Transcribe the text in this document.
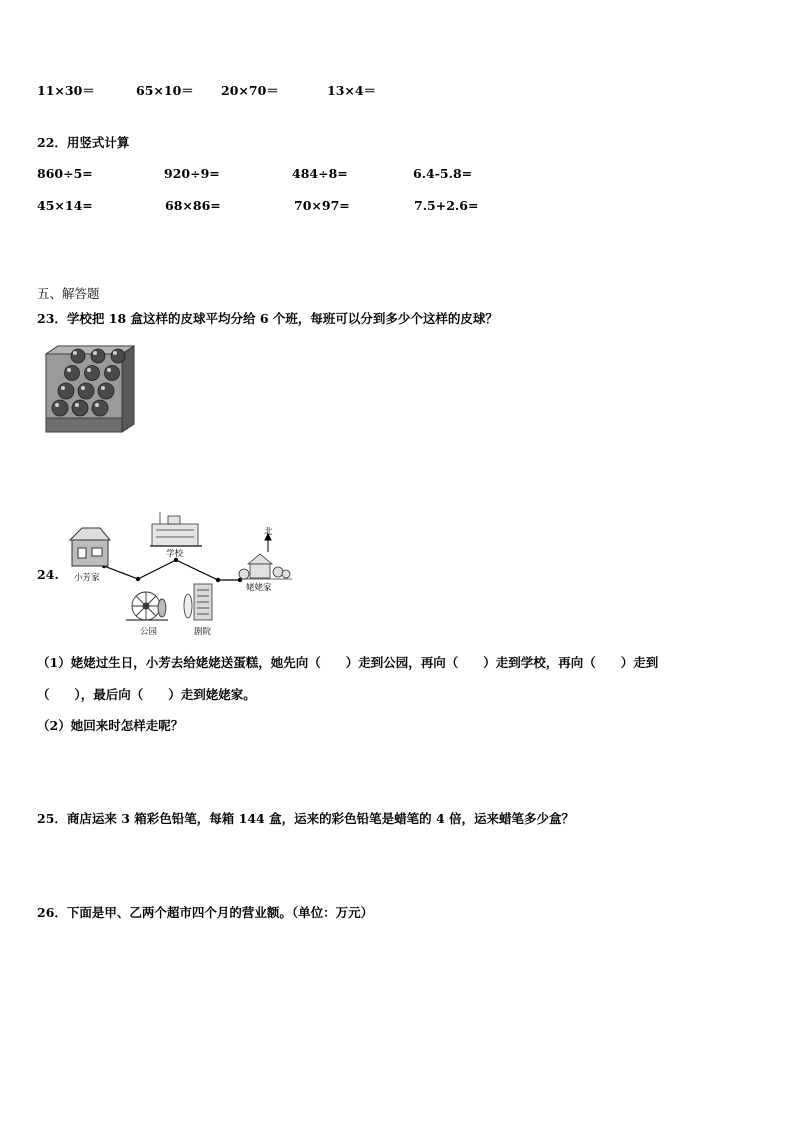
11×30＝	65×10＝ 20×70＝	13×4＝
22．用竖式计算
860÷5=	920÷9=	484÷8=	6.4-5.8=
45×14=	68×86=	70×97=	7.5+2.6=
五、解答题
23．学校把 18 盒这样的皮球平均分给 6 个班，每班可以分到多少个这样的皮球？
24. 小芳家
学校
姥姥家
北
公园	剧院
（1）姥姥过生日，小芳去给姥姥送蛋糕，她先向（　　）走到公园，再向（　　）走到学校，再向（　　）走到
（　　），最后向（　　）走到姥姥家。
（2）她回来时怎样走呢？
25．商店运来 3 箱彩色铅笔，每箱 144 盒，运来的彩色铅笔是蜡笔的 4 倍，运来蜡笔多少盒？
26．下面是甲、乙两个超市四个月的营业额。（单位：万元）
